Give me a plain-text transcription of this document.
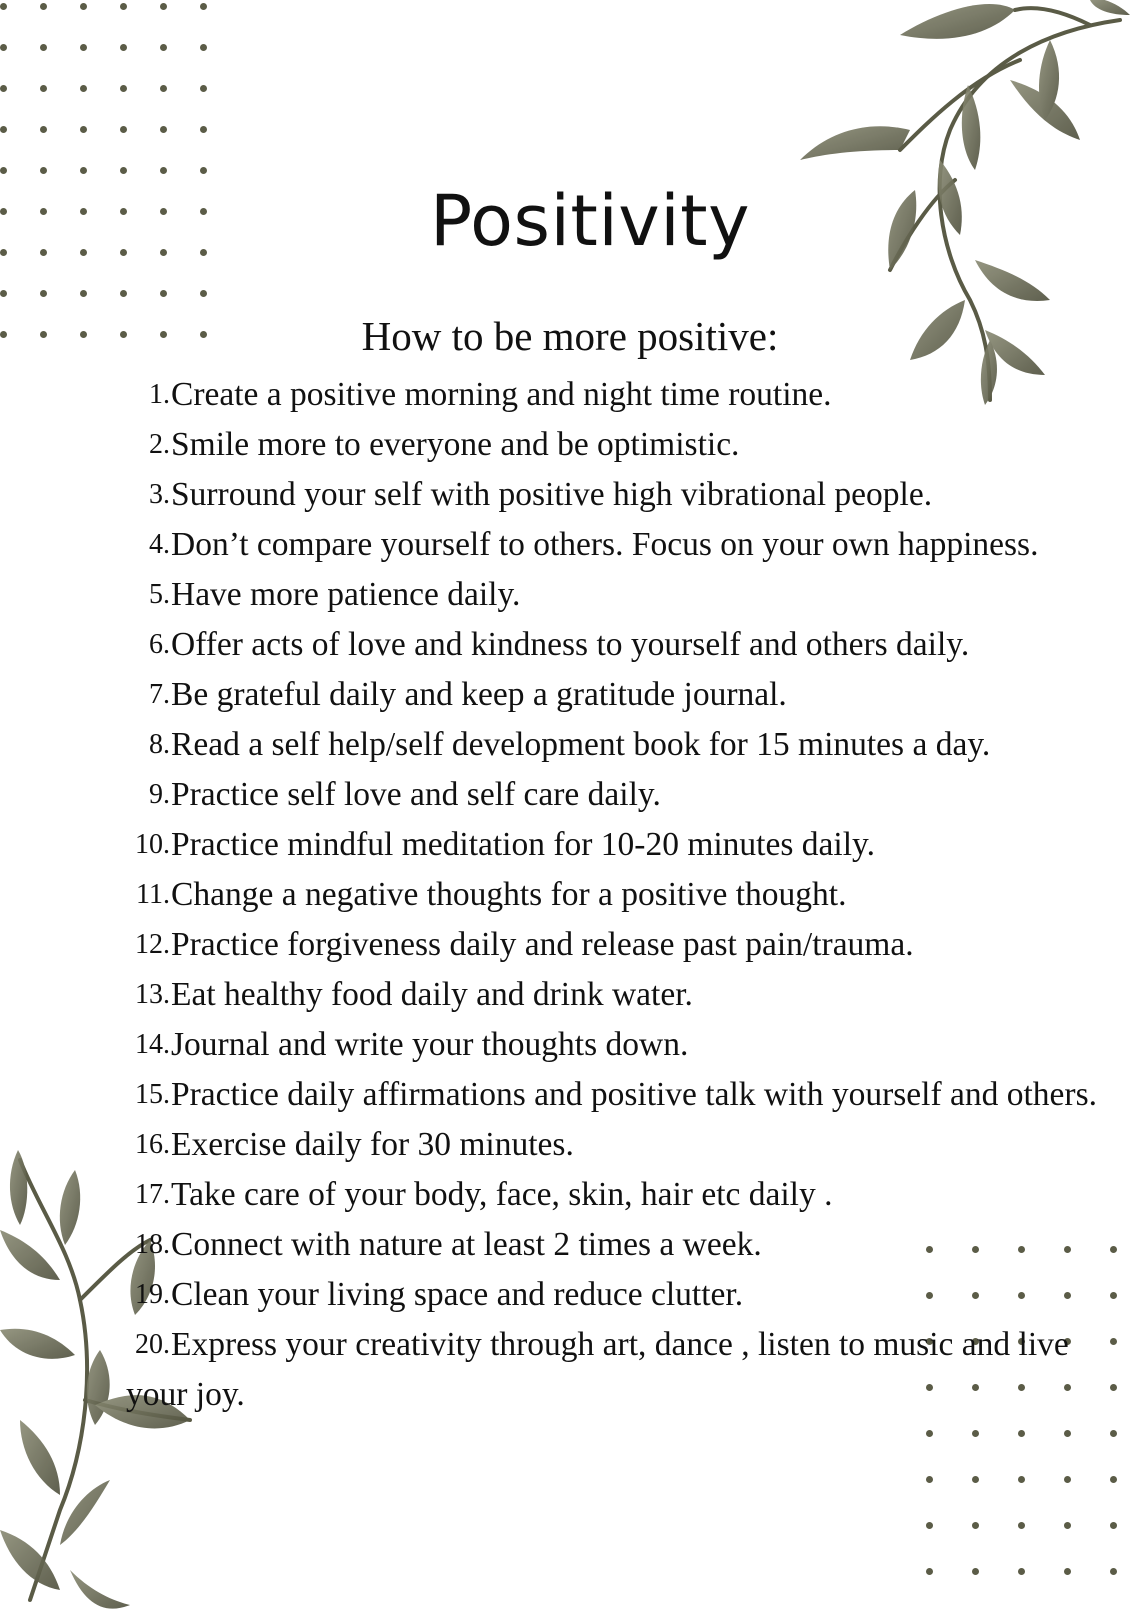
Positivity
How to be more positive:
1. Create a positive morning and night time routine.
2. Smile more to everyone and be optimistic.
3. Surround your self with positive high vibrational people.
4. Don’t compare yourself to others. Focus on your own happiness.
5. Have more patience daily.
6. Offer acts of love and kindness to yourself and others daily.
7. Be grateful daily and keep a gratitude journal.
8. Read a self help/self development book for 15 minutes a day.
9. Practice self love and self care daily.
10. Practice mindful meditation for 10-20 minutes daily.
11. Change a negative thoughts for a positive thought.
12. Practice forgiveness daily and release past pain/trauma.
13. Eat healthy food daily and drink water.
14. Journal and write your thoughts down.
15. Practice daily affirmations and positive talk with yourself and others.
16. Exercise daily for 30 minutes.
17. Take care of your body, face, skin, hair etc daily .
18. Connect with nature at least 2 times a week.
19. Clean your living space and reduce clutter.
20. Express your creativity through art, dance , listen to music and live your joy.
